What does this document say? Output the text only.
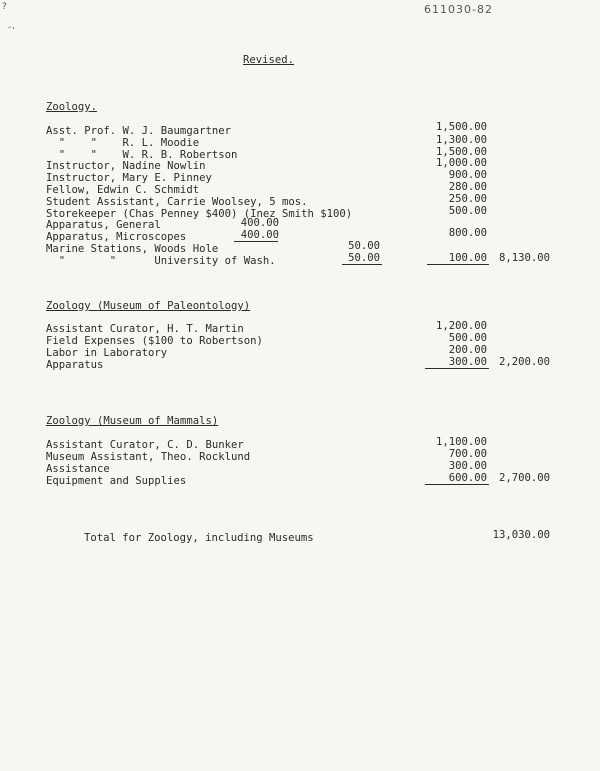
?
-,
611030-82
Revised.
Zoology.
Asst. Prof. W. J. Baumgartner	1,500.00
"    "    R. L. Moodie	1,300.00
"    "    W. R. B. Robertson	1,500.00
Instructor, Nadine Nowlin	1,000.00
Instructor, Mary E. Pinney	900.00
Fellow, Edwin C. Schmidt	280.00
Student Assistant, Carrie Woolsey, 5 mos.	250.00
Storekeeper (Chas Penney $400) (Inez Smith $100)	500.00
Apparatus, General	400.00
Apparatus, Microscopes	400.00	800.00
Marine Stations, Woods Hole	50.00
"       "      University of Wash.	50.00	100.00 8,130.00
Zoology (Museum of Paleontology)
Assistant Curator, H. T. Martin	1,200.00
Field Expenses ($100 to Robertson)	500.00
Labor in Laboratory	200.00
Apparatus	300.00 2,200.00
Zoology (Museum of Mammals)
Assistant Curator, C. D. Bunker	1,100.00
Museum Assistant, Theo. Rocklund	700.00
Assistance	300.00
Equipment and Supplies	600.00 2,700.00
Total for Zoology, including Museums	13,030.00
